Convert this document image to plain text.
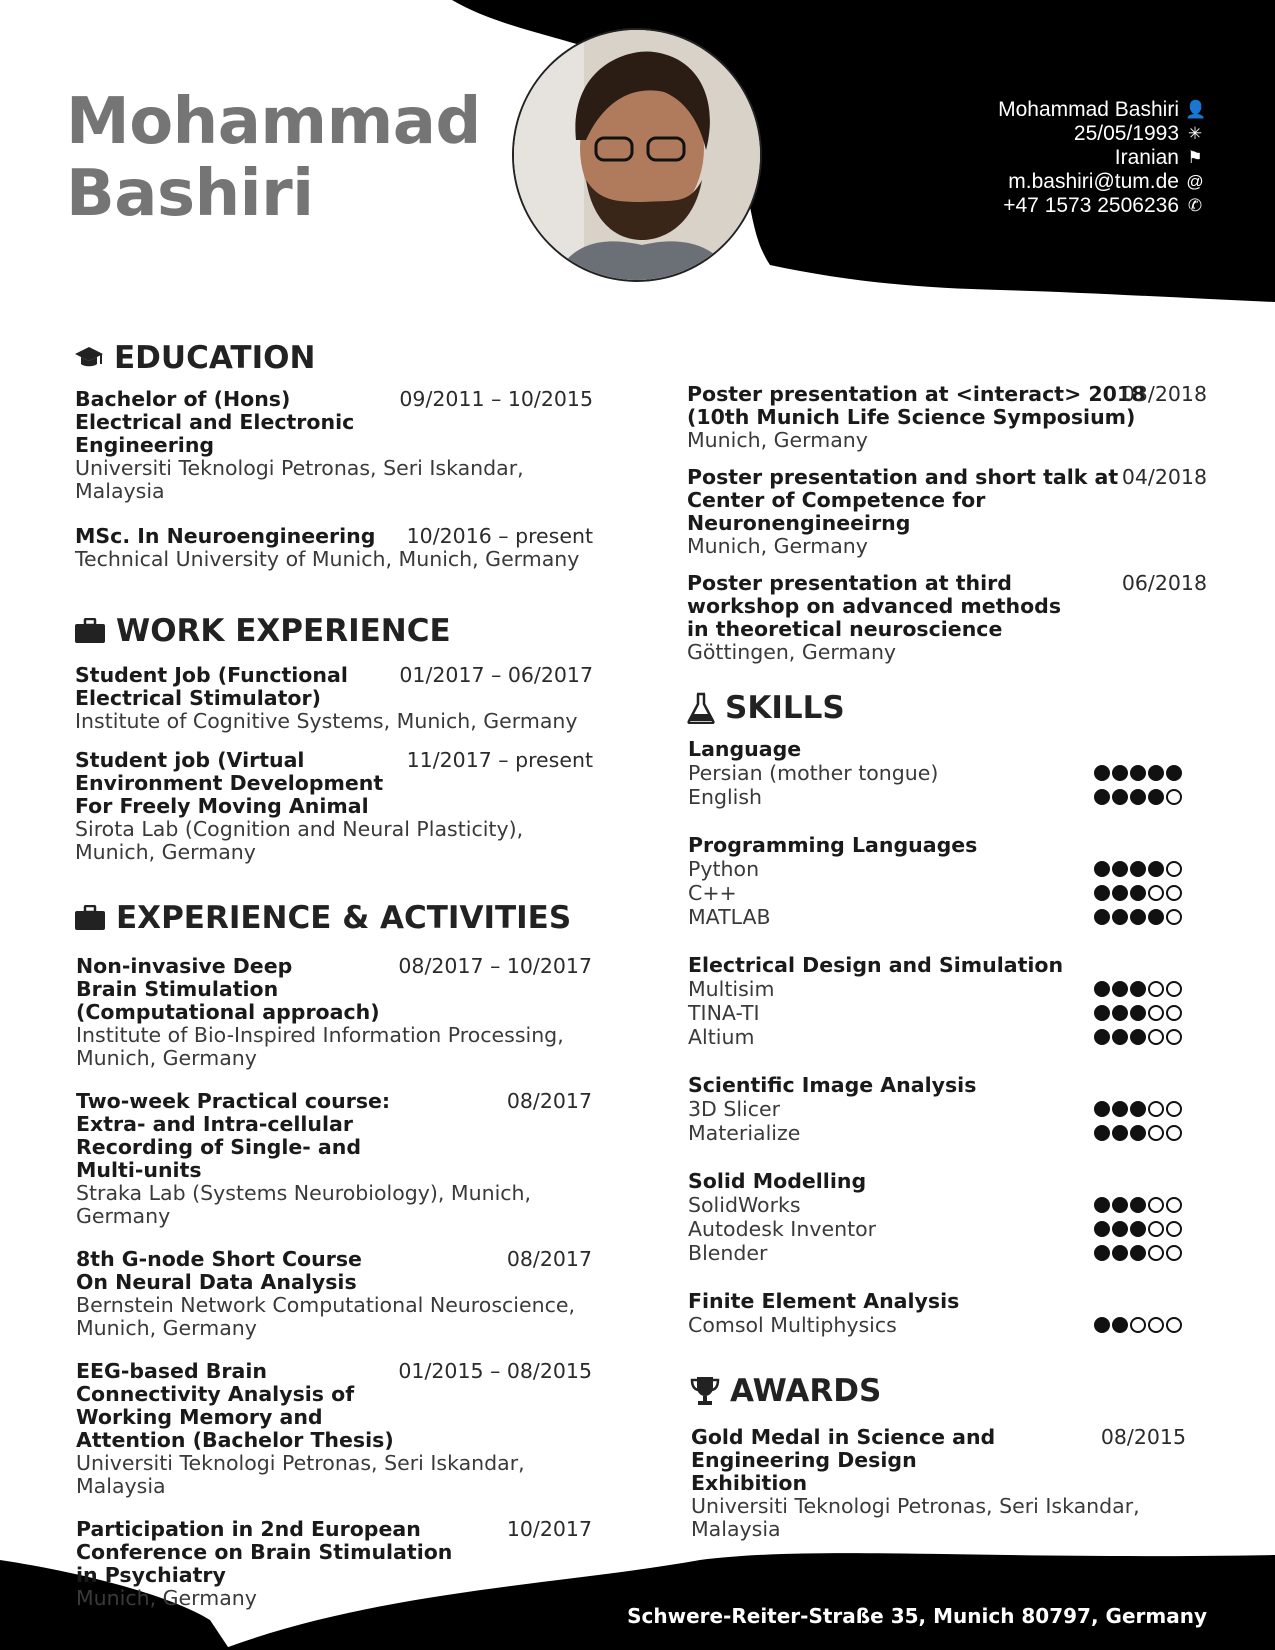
Mohammad
Bashiri
Mohammad Bashiri 👤
25/05/1993 ✳
Iranian ⚑
m.bashiri@tum.de @
+47 1573 2506236 ✆
EDUCATION
Bachelor of (Hons)
Electrical and Electronic
Engineering
Universiti Teknologi Petronas, Seri Iskandar,
Malaysia
09/2011 – 10/2015
MSc. In Neuroengineering
Technical University of Munich, Munich, Germany
10/2016 – present
WORK EXPERIENCE
Student Job (Functional
Electrical Stimulator)
Institute of Cognitive Systems, Munich, Germany
01/2017 – 06/2017
Student job (Virtual
Environment Development
For Freely Moving Animal
Sirota Lab (Cognition and Neural Plasticity),
Munich, Germany
11/2017 – present
EXPERIENCE & ACTIVITIES
Non-invasive Deep
Brain Stimulation
(Computational approach)
Institute of Bio-Inspired Information Processing,
Munich, Germany
08/2017 – 10/2017
Two-week Practical course:
Extra- and Intra-cellular
Recording of Single- and
Multi-units
Straka Lab (Systems Neurobiology), Munich,
Germany
08/2017
8th G-node Short Course
On Neural Data Analysis
Bernstein Network Computational Neuroscience,
Munich, Germany
08/2017
EEG-based Brain
Connectivity Analysis of
Working Memory and
Attention (Bachelor Thesis)
Universiti Teknologi Petronas, Seri Iskandar,
Malaysia
01/2015 – 08/2015
Participation in 2nd European
Conference on Brain Stimulation
in Psychiatry
Munich, Germany
10/2017
Poster presentation at <interact> 2018
(10th Munich Life Science Symposium)
Munich, Germany
03/2018
Poster presentation and short talk at
Center of Competence for
Neuronengineeirng
Munich, Germany
04/2018
Poster presentation at third
workshop on advanced methods
in theoretical neuroscience
Göttingen, Germany
06/2018
SKILLS
Language
Persian (mother tongue)
English
Programming Languages
Python
C++
MATLAB
Electrical Design and Simulation
Multisim
TINA-TI
Altium
Scientific Image Analysis
3D Slicer
Materialize
Solid Modelling
SolidWorks
Autodesk Inventor
Blender
Finite Element Analysis
Comsol Multiphysics
AWARDS
Gold Medal in Science and
Engineering Design
Exhibition
Universiti Teknologi Petronas, Seri Iskandar,
Malaysia
08/2015
Schwere-Reiter-Straße 35, Munich 80797, Germany
